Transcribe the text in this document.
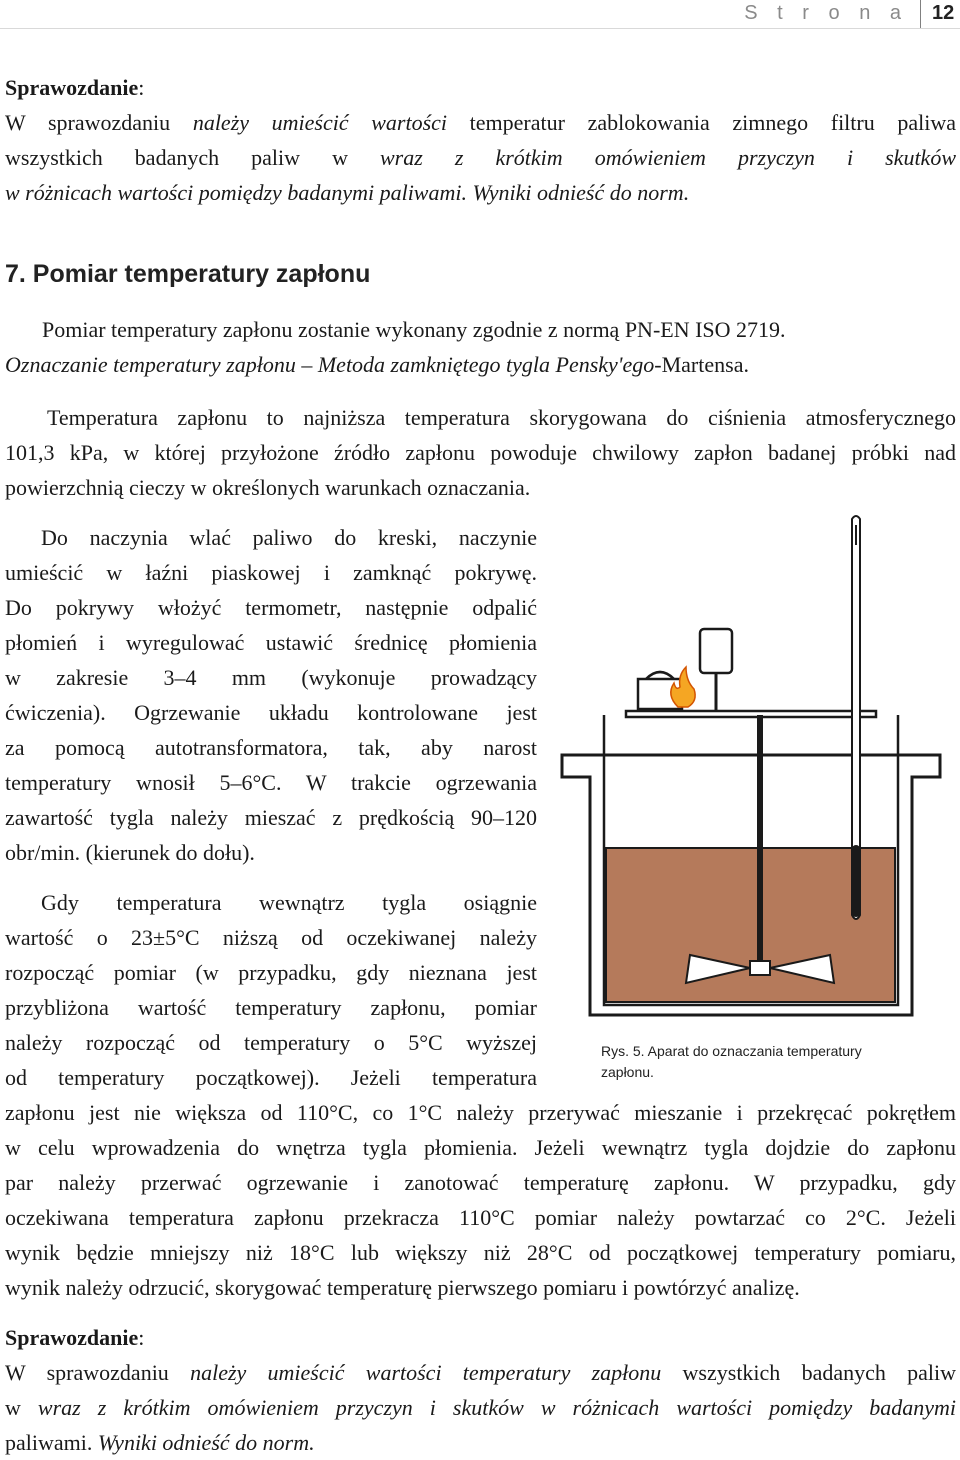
S t r o n a 12
Sprawozdanie:
W sprawozdaniu należy umieścić wartości temperatur zablokowania zimnego filtru paliwa
wszystkich badanych paliw w wraz z krótkim omówieniem przyczyn i skutków
w różnicach wartości pomiędzy badanymi paliwami. Wyniki odnieść do norm.
7. Pomiar temperatury zapłonu
Pomiar temperatury zapłonu zostanie wykonany zgodnie z normą PN-EN ISO 2719.
Oznaczanie temperatury zapłonu – Metoda zamkniętego tygla Pensky'ego-Martensa.
Temperatura zapłonu to najniższa temperatura skorygowana do ciśnienia atmosferycznego
101,3 kPa, w której przyłożone źródło zapłonu powoduje chwilowy zapłon badanej próbki nad
powierzchnią cieczy w określonych warunkach oznaczania.
Do naczynia wlać paliwo do kreski, naczynie
umieścić w łaźni piaskowej i zamknąć pokrywę.
Do pokrywy włożyć termometr, następnie odpalić
płomień i wyregulować ustawić średnicę płomienia
w zakresie 3–4 mm (wykonuje prowadzący
ćwiczenia). Ogrzewanie układu kontrolowane jest
za pomocą autotransformatora, tak, aby narost
temperatury wnosił 5–6°C. W trakcie ogrzewania
zawartość tygla należy mieszać z prędkością 90–120
obr/min. (kierunek do dołu).
Gdy temperatura wewnątrz tygla osiągnie
wartość o 23±5°C niższą od oczekiwanej należy
rozpocząć pomiar (w przypadku, gdy nieznana jest
przybliżona wartość temperatury zapłonu, pomiar
należy rozpocząć od temperatury o 5°C wyższej
od temperatury początkowej). Jeżeli temperatura
zapłonu jest nie większa od 110°C, co 1°C należy przerywać mieszanie i przekręcać pokrętłem
w celu wprowadzenia do wnętrza tygla płomienia. Jeżeli wewnątrz tygla dojdzie do zapłonu
par należy przerwać ogrzewanie i zanotować temperaturę zapłonu. W przypadku, gdy
oczekiwana temperatura zapłonu przekracza 110°C pomiar należy powtarzać co 2°C. Jeżeli
wynik będzie mniejszy niż 18°C lub większy niż 28°C od początkowej temperatury pomiaru,
wynik należy odrzucić, skorygować temperaturę pierwszego pomiaru i powtórzyć analizę.
Rys. 5. Aparat do oznaczania temperatury
zapłonu.
Sprawozdanie:
W sprawozdaniu należy umieścić wartości temperatury zapłonu wszystkich badanych paliw
w wraz z krótkim omówieniem przyczyn i skutków w różnicach wartości pomiędzy badanymi
paliwami. Wyniki odnieść do norm.
